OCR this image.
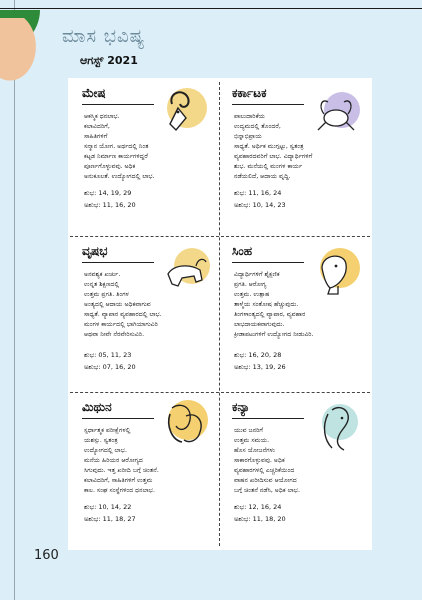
ಮಾಸ ಭವಿಷ್ಯ
ಆಗಸ್ಟ್ 2021
ಮೇಷ
ಆಕಸ್ಮಿಕ ಧನಲಾಭ.
ಕಲಾವಿದರಿಗೆ,
ಸಾಹಿತಿಗಳಿಗೆ
ಸನ್ಮಾನ ಯೋಗ. ಅರ್ಥದಲ್ಲಿ ನಿಂತ
ಕಟ್ಟಡ ನಿರ್ಮಾಣ ಕಾರ್ಯಗಳಿದ್ದರೆ
ಪೂರ್ಣಗೊಳ್ಳುವವು. ಅಧಿಕ
ಅನುಕೂಲತೆ. ಉದ್ಯೋಗದಲ್ಲಿ ಲಾಭ.
ಶುಭ: 14, 19, 29
ಅಶುಭ: 11, 16, 20
ಕರ್ಕಾಟಕ
ಪಾಲುದಾರಿಕೆಯ
ಉದ್ಯಮದಲ್ಲಿ ತೊಂದರೆ,
ಭಿನ್ನಾಭಿಪ್ರಾಯ
ಸಾಧ್ಯತೆ. ಅರ್ಥಿಕ ಮುಗ್ಗಟ್ಟು, ಸ್ವತಂತ್ರ
ವ್ಯವಹಾರದವರಿಗೆ ಲಾಭ. ವಿದ್ಯಾರ್ಥಿಗಳಿಗೆ
ಶುಭ. ಮನೆಯಲ್ಲಿ ಮಂಗಳ ಕಾರ್ಯ
ನಡೆಯಲಿದೆ, ಆದಾಯ ವೃದ್ಧಿ.
ಶುಭ: 11, 16, 24
ಅಶುಭ: 10, 14, 23
ವೃಷಭ
ಅನವಶ್ಯಕ ಖರ್ಚು.
ಉನ್ನತ ಶಿಕ್ಷಣದಲ್ಲಿ
ಉತ್ತಮ ಪ್ರಗತಿ. ತಿಂಗಳ
ಅಂತ್ಯದಲ್ಲಿ ಆದಾಯ ಅಧಿಕವಾಗುವ
ಸಾಧ್ಯತೆ. ವ್ಯಾಪಾರ ವ್ಯವಹಾರದಲ್ಲಿ ಲಾಭ.
ಮಂಗಳ ಕಾರ್ಯದಲ್ಲಿ ಭಾಗಿಯಾಗುವಿರಿ
ಆಥವಾ ನೀವೇ ನೆರವೇರಿಸುವಿರಿ.
ಶುಭ: 05, 11, 23
ಅಶುಭ: 07, 16, 20
ಸಿಂಹ
ವಿದ್ಯಾರ್ಥಿಗಳಿಗೆ ಶೈಕ್ಷಣಿಕ
ಪ್ರಗತಿ. ಆರೋಗ್ಯ
ಉತ್ತಮ. ಉತ್ಸಾಹ
ತಾಳ್ಮೆಯ ಸಂತೋಷ ಹೆಚ್ಚುವುದು.
ತಿಂಗಳಾಂತ್ಯದಲ್ಲಿ ವ್ಯಾಪಾರ, ವ್ಯವಹಾರ
ಲಾಭದಾಯಕವಾಗುವುದು.
ಕ್ರೀಡಾಪಟುಗಳಿಗೆ ಉದ್ಯೋಗದ ನೀಡುವಿರಿ.
ಶುಭ: 16, 20, 28
ಅಶುಭ: 13, 19, 26
ಮಿಥುನ
ಸ್ಪರ್ಧಾತ್ಮಕ ಪರೀಕ್ಷೆಗಳಲ್ಲಿ
ಯಶಸ್ಸು. ಸ್ವತಂತ್ರ
ಉದ್ಯೋಗದಲ್ಲಿ ಲಾಭ.
ಮನೆಯ ಹಿರಿಯರ ಆರೋಗ್ಯದ
ಸಿಗುವುದು. ಇತ್ತ ಖರೀದಿ ಬಗ್ಗೆ ಚಿಂತನೆ.
ಕಲಾವಿದರಿಗೆ, ಸಾಹಿತಿಗಳಿಗೆ ಉತ್ತಮ
ಕಾಲ. ಸಂಘ ಸಂಸ್ಥೆಗಳಿಂದ ಧನಲಾಭ.
ಶುಭ: 10, 14, 22
ಅಶುಭ: 11, 18, 27
ಕನ್ಯಾ
ಯುವ ಜನರಿಗೆ
ಉತ್ತಮ ಸಮಯ.
ಹೊಸ ಯೋಜನೆಗಳು
ಸಾಕಾರಗೊಳ್ಳುವವು. ಅಧಿಕ
ವ್ಯವಹಾರಗಳಲ್ಲಿ ಎಚ್ಚರಿಕೆಯಿಂದ
ವಾಹನ ಖರೀದಿಸುವ ಆಯೋಗದ
ಬಗ್ಗೆ ಚಿಂತನೆ ನಡೆಸಿ, ಅಧಿಕ ಲಾಭ.
ಶುಭ: 12, 16, 24
ಅಶುಭ: 11, 18, 20
160
